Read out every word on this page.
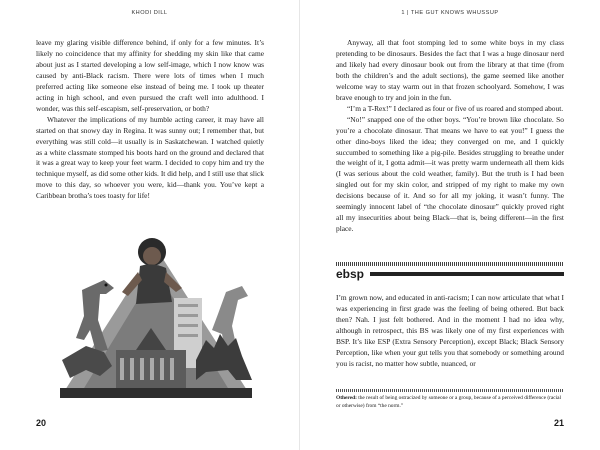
KHODI DILL

leave my glaring visible difference behind, if only for a few minutes. It’s likely no coincidence that my affinity for shedding my skin like that came about just as I started developing a low self-image, which I now know was caused by anti-Black racism. There were lots of times when I much preferred acting like someone else instead of being me. I took up theater acting in high school, and even pursued the craft well into adulthood. I wonder, was this self-escapism, self-preservation, or both?

Whatever the implications of my humble acting career, it may have all started on that snowy day in Regina. It was sunny out; I remember that, but everything was still cold—it usually is in Saskatchewan. I watched quietly as a white classmate stomped his boots hard on the ground and declared that it was a great way to keep your feet warm. I decided to copy him and try the technique myself, as did some other kids. It did help, and I still use that slick move to this day, so whoever you were, kid—thank you. You’ve kept a Caribbean brotha’s toes toasty for life!

20
1 | THE GUT KNOWS WHUSSUP

Anyway, all that foot stomping led to some white boys in my class pretending to be dinosaurs. Besides the fact that I was a huge dinosaur nerd and likely had every dinosaur book out from the library at that time (from both the children’s and the adult sections), the game seemed like another welcome way to stay warm out in that frozen schoolyard. Somehow, I was brave enough to try and join in the fun.

“I’m a T-Rex!” I declared as four or five of us roared and stomped about.

“No!” snapped one of the other boys. “You’re brown like chocolate. So you’re a chocolate dinosaur. That means we have to eat you!” I guess the other dino-boys liked the idea; they converged on me, and I quickly succumbed to something like a pig-pile. Besides struggling to breathe under the weight of it, I gotta admit—it was pretty warm underneath all them kids (I was serious about the cold weather, family). But the truth is I had been singled out for my skin color, and stripped of my right to make my own decisions because of it. And so for all my joking, it wasn’t funny. The seemingly innocent label of “the chocolate dinosaur” quickly proved right all my insecurities about being Black—that is, being different—in the first place.

ebsp

I’m grown now, and educated in anti-racism; I can now articulate that what I was experiencing in first grade was the feeling of being othered. But back then? Nah. I just felt bothered. And in the moment I had no idea why, although in retrospect, this BS was likely one of my first experiences with BSP. It’s like ESP (Extra Sensory Perception), except Black; Black Sensory Perception, like when your gut tells you that somebody or something around you is racist, no matter how subtle, nuanced, or

Othered: the result of being ostracized by someone or a group, because of a perceived difference (racial or otherwise) from “the norm.”
21
